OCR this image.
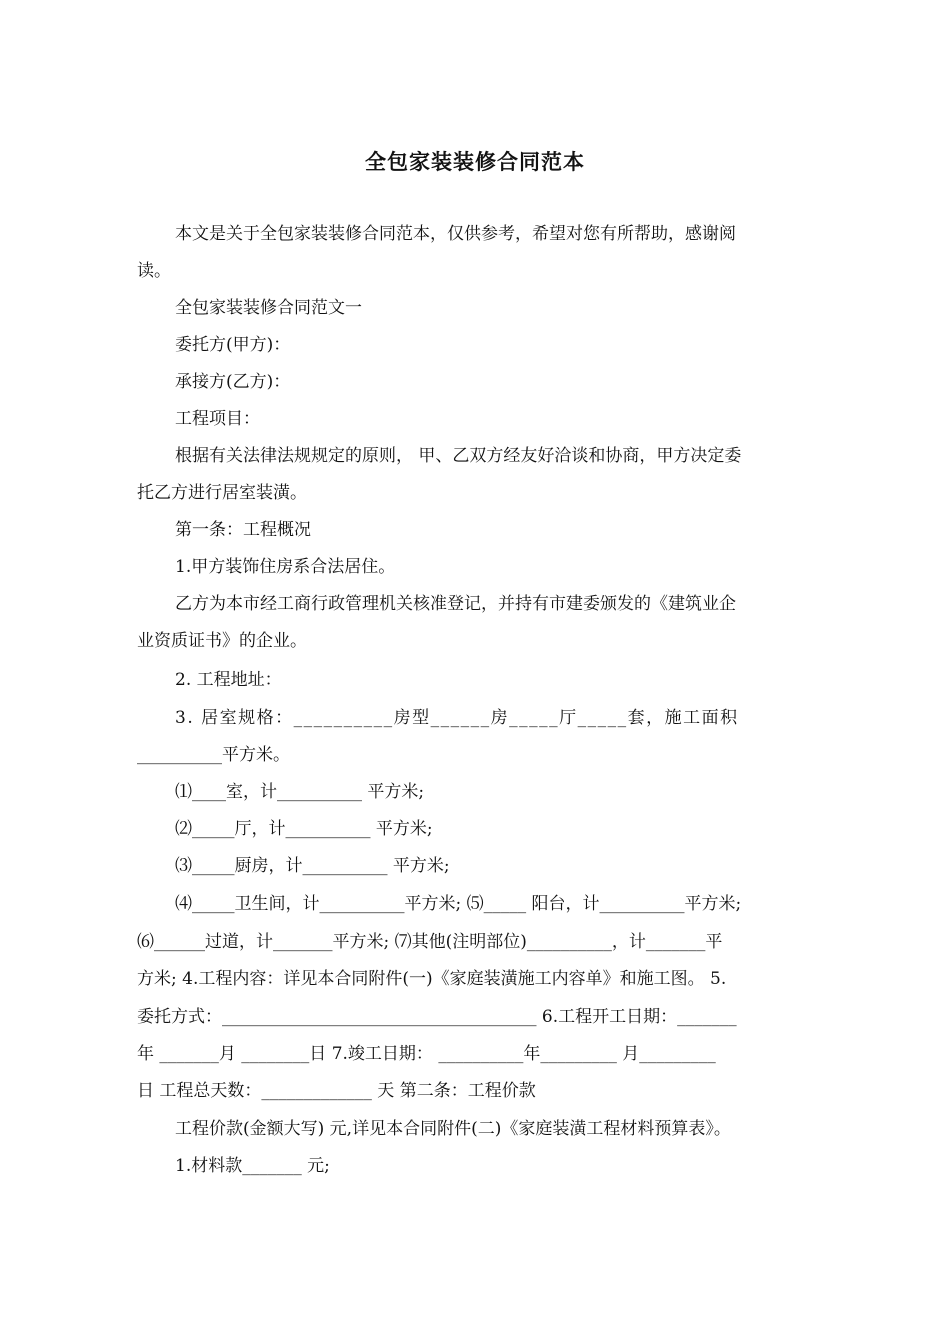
全包家装装修合同范本
本文是关于全包家装装修合同范本，仅供参考，希望对您有所帮助，感谢阅
读。
全包家装装修合同范文一
委托方(甲方)：
承接方(乙方)：
工程项目：
根据有关法律法规规定的原则， 甲、乙双方经友好洽谈和协商，甲方决定委
托乙方进行居室装潢。
第一条：工程概况
1.甲方装饰住房系合法居住。
乙方为本市经工商行政管理机关核准登记，并持有市建委颁发的《建筑业企
业资质证书》的企业。
2. 工程地址：
3. 居室规格：__________房型______房_____厅_____套，施工面积
__________平方米。
⑴____室，计__________ 平方米;
⑵_____厅，计__________ 平方米;
⑶_____厨房，计__________ 平方米;
⑷_____卫生间，计__________平方米; ⑸_____ 阳台，计__________平方米;
⑹______过道，计_______平方米; ⑺其他(注明部位)__________，计_______平
方米; 4.工程内容：详见本合同附件(一)《家庭装潢施工内容单》和施工图。 5.
委托方式：_____________________________________ 6.工程开工日期：_______
年 _______月 ________日 7.竣工日期： __________年_________ 月_________
日 工程总天数：_____________ 天 第二条：工程价款
工程价款(金额大写) 元,详见本合同附件(二)《家庭装潢工程材料预算表》。
1.材料款_______ 元;
